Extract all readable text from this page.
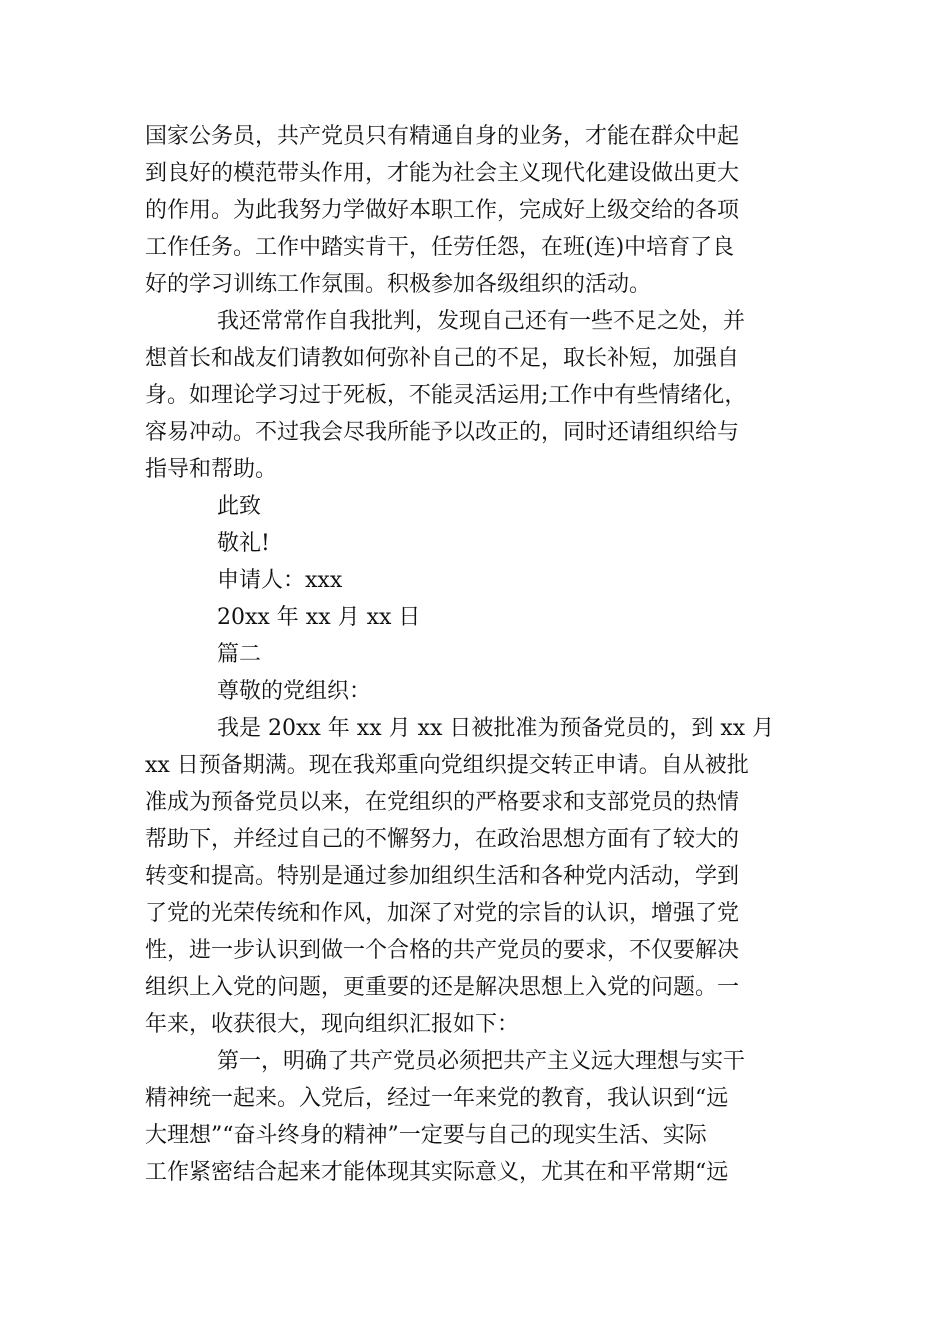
国家公务员，共产党员只有精通自身的业务，才能在群众中起
到良好的模范带头作用，才能为社会主义现代化建设做出更大
的作用。为此我努力学做好本职工作，完成好上级交给的各项
工作任务。工作中踏实肯干，任劳任怨，在班(连)中培育了良
好的学习训练工作氛围。积极参加各级组织的活动。
我还常常作自我批判，发现自己还有一些不足之处，并
想首长和战友们请教如何弥补自己的不足，取长补短，加强自
身。如理论学习过于死板，不能灵活运用;工作中有些情绪化，
容易冲动。不过我会尽我所能予以改正的，同时还请组织给与
指导和帮助。
此致
敬礼!
申请人：xxx
20xx 年 xx 月 xx 日
篇二
尊敬的党组织：
我是 20xx 年 xx 月 xx 日被批准为预备党员的，到 xx 月
xx 日预备期满。现在我郑重向党组织提交转正申请。自从被批
准成为预备党员以来，在党组织的严格要求和支部党员的热情
帮助下，并经过自己的不懈努力，在政治思想方面有了较大的
转变和提高。特别是通过参加组织生活和各种党内活动，学到
了党的光荣传统和作风，加深了对党的宗旨的认识，增强了党
性，进一步认识到做一个合格的共产党员的要求，不仅要解决
组织上入党的问题，更重要的还是解决思想上入党的问题。一
年来，收获很大，现向组织汇报如下：
第一，明确了共产党员必须把共产主义远大理想与实干
精神统一起来。入党后，经过一年来党的教育，我认识到“远
大理想”“奋斗终身的精神”一定要与自己的现实生活、实际
工作紧密结合起来才能体现其实际意义，尤其在和平常期“远
